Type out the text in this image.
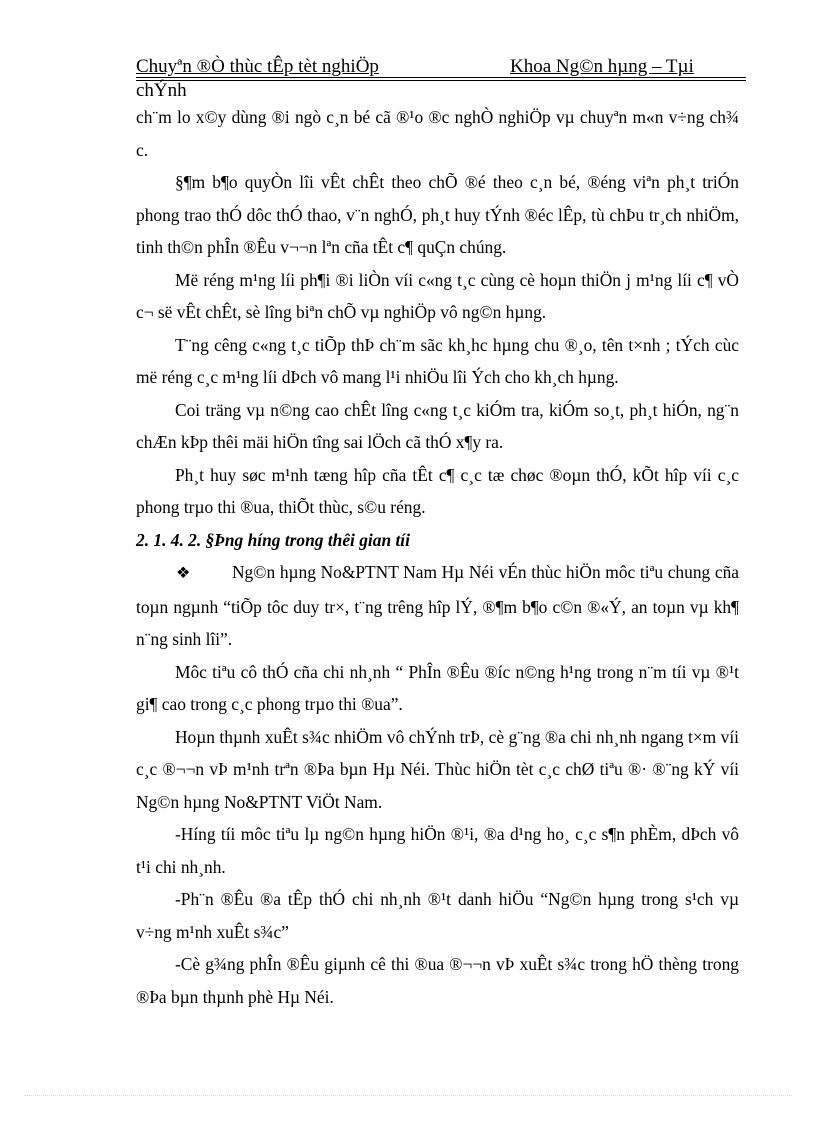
Chuyªn ®Ò thùc tÊp tèt nghiÖp	Khoa Ng©n hµng – Tµi
chÝnh

ch¨m lo x©y dùng ®i ngò c¸n bé cã ®¹o ®c nghÒ nghiÖp vµ chuyªn m«n v÷ng ch¾ c.

§¶m b¶o quyÒn lîi vÊt chÊt theo chÕ ®é theo c¸n bé, ®éng viªn ph¸t triÓn phong trao thÓ dôc thÓ thao, v¨n nghÓ, ph¸t huy tÝnh ®éc lÊp, tù chÞu tr¸ch nhiÖm, tinh th©n phÎn ®Êu v¬¬n lªn cña tÊt c¶ quÇn chúng.

Më réng m¹ng líi ph¶i ®i liÒn víi c«ng t¸c cùng cè hoµn thiÖn j m¹ng líi c¶ vÒ c¬ së vÊt chÊt, sè lîng biªn chÕ vµ nghiÖp vô ng©n hµng.

T¨ng cêng c«ng t¸c tiÕp thÞ ch¨m sãc kh¸hc hµng chu ®¸o, tên t×nh ; tÝch cùc më réng c¸c m¹ng líi dÞch vô mang l¹i nhiÖu lîi Ých cho kh¸ch hµng.

Coi träng vµ n©ng cao chÊt lîng c«ng t¸c kiÓm tra, kiÓm so¸t, ph¸t hiÓn, ng¨n chÆn kÞp thêi mäi hiÖn tîng sai lÖch cã thÓ x¶y ra.

Ph¸t huy søc m¹nh tæng hîp cña tÊt c¶ c¸c tæ chøc ®oµn thÓ, kÕt hîp víi c¸c phong trµo thi ®ua, thiÕt thùc, s©u réng.

2. 1. 4. 2. §Þng híng trong thêi gian tíi

❖ Ng©n hµng No&PTNT Nam Hµ Néi vÉn thùc hiÖn môc tiªu chung cña toµn ngµnh “tiÕp tôc duy tr×, t¨ng trêng hîp lÝ, ®¶m b¶o c©n ®«Ý, an toµn vµ kh¶ n¨ng sinh lîi”.

Môc tiªu cô thÓ cña chi nh¸nh “ PhÎn ®Êu ®íc n©ng h¹ng trong n¨m tíi vµ ®¹t gi¶ cao trong c¸c phong trµo thi ®ua”.

Hoµn thµnh xuÊt s¾c nhiÖm vô chÝnh trÞ, cè g¨ng ®a chi nh¸nh ngang t×m víi c¸c ®¬¬n vÞ m¹nh trªn ®Þa bµn Hµ Néi. Thùc hiÖn tèt c¸c chØ tiªu ®· ®¨ng kÝ víi Ng©n hµng No&PTNT ViÖt Nam.

-Híng tíi môc tiªu lµ ng©n hµng hiÖn ®¹i, ®a d¹ng ho¸ c¸c s¶n phÈm, dÞch vô t¹i chi nh¸nh.

-Ph¨n ®Êu ®a tÊp thÓ chi nh¸nh ®¹t danh hiÖu “Ng©n hµng trong s¹ch vµ v÷ng m¹nh xuÊt s¾c”

-Cè g¾ng phÎn ®Êu giµnh cê thi ®ua ®¬¬n vÞ xuÊt s¾c trong hÖ thèng trong ®Þa bµn thµnh phè Hµ Néi.
